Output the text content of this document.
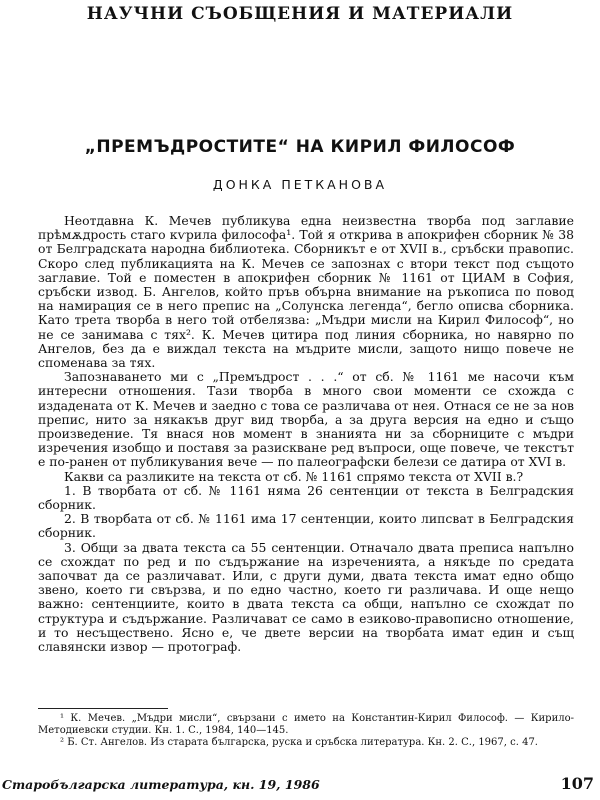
НАУЧНИ СЪОБЩЕНИЯ И МАТЕРИАЛИ
„ПРЕМЪДРОСТИТЕ“ НА КИРИЛ ФИЛОСОФ
ДОНКА ПЕТКАНОВА

Неотдавна К. Мечев публикува една неизвестна творба под заглавие прѣмѫдрость стаго кѵрила философа¹. Той я открива в апокрифен сборник № 38 от Белградската народна библиотека. Сборникът е от XVII в., сръбски правопис. Скоро след публикацията на К. Мечев се запознах с втори текст под същото заглавие. Той е поместен в апокрифен сборник № 1161 от ЦИАМ в София, сръбски извод. Б. Ангелов, който пръв обърна внимание на ръкописа по повод на намирация се в него препис на „Солунска легенда“, бегло описва сборника. Като трета творба в него той отбелязва: „Мъдри мисли на Кирил Философ“, но не се занимава с тях². К. Мечев цитира под линия сборника, но навярно по Ангелов, без да е виждал текста на мъдрите мисли, защото нищо повече не споменава за тях.

Запознаването ми с „Премъдрост . . .“ от сб. № 1161 ме насочи към интересни отношения. Тази творба в много свои моменти се схожда с издадената от К. Мечев и заедно с това се различава от нея. Отнася се не за нов препис, нито за някакъв друг вид творба, а за друга версия на едно и също произведение. Тя внася нов момент в знанията ни за сборниците с мъдри изречения изобщо и поставя за разискване ред въпроси, още повече, че текстът е по-ранен от публикувания вече — по палеографски белези се датира от XVI в.

Какви са разликите на текста от сб. № 1161 спрямо текста от XVII в.?

1. В творбата от сб. № 1161 няма 26 сентенции от текста в Белградския сборник.

2. В творбата от сб. № 1161 има 17 сентенции, които липсват в Белградския сборник.

3. Общи за двата текста са 55 сентенции. Отначало двата преписа напълно се схождат по ред и по съдържание на изреченията, а някъде по средата започват да се различават. Или, с други думи, двата текста имат едно общо звено, което ги свързва, и по едно частно, което ги различава. И още нещо важно: сентенциите, които в двата текста са общи, напълно се схождат по структура и съдържание. Различават се само в езиково-правописно отношение, и то несъществено. Ясно е, че двете версии на творбата имат един и същ славянски извор — протограф.

¹ К. Мечев. „Мъдри мисли“, свързани с името на Константин-Кирил Философ. — Кирило-Методиевски студии. Кн. 1. С., 1984, 140—145.

² Б. Ст. Ангелов. Из старата българска, руска и сръбска литература. Кн. 2. С., 1967, с. 47.

Старобългарска литература, кн. 19, 1986	107
